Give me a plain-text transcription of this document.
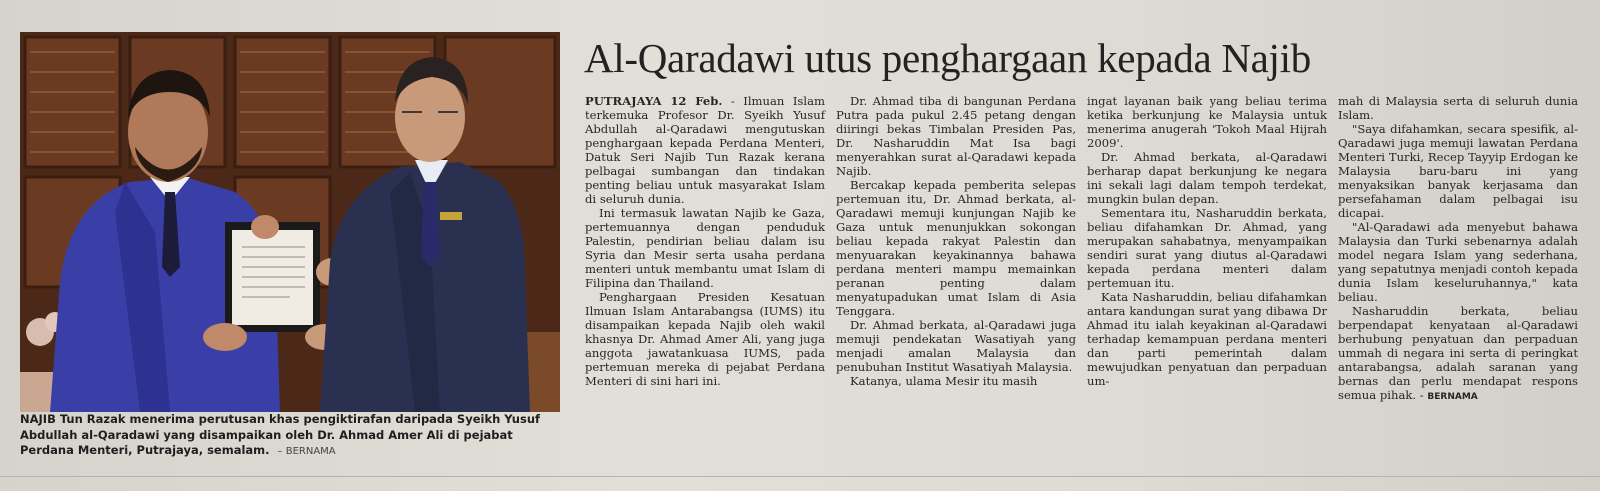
NAJIB Tun Razak menerima perutusan khas pengiktirafan daripada Syeikh Yusuf Abdullah al-Qaradawi yang disampaikan oleh Dr. Ahmad Amer Ali di pejabat Perdana Menteri, Putrajaya, semalam. – BERNAMA
Al-Qaradawi utus penghargaan kepada Najib

PUTRAJAYA 12 Feb. - Ilmuan Islam terkemuka Profesor Dr. Syeikh Yusuf Abdullah al-Qaradawi mengutuskan penghargaan kepada Perdana Menteri, Datuk Seri Najib Tun Razak kerana pelbagai sumbangan dan tindakan penting beliau untuk masyarakat Islam di seluruh dunia.

Ini termasuk lawatan Najib ke Gaza, pertemuannya dengan penduduk Palestin, pendirian beliau dalam isu Syria dan Mesir serta usaha perdana menteri untuk membantu umat Islam di Filipina dan Thailand.

Penghargaan Presiden Kesatuan Ilmuan Islam Antarabangsa (IUMS) itu disampaikan kepada Najib oleh wakil khasnya Dr. Ahmad Amer Ali, yang juga anggota jawatankuasa IUMS, pada pertemuan mereka di pejabat Perdana Menteri di sini hari ini.

Dr. Ahmad tiba di bangunan Perdana Putra pada pukul 2.45 petang dengan diiringi bekas Timbalan Presiden Pas, Dr. Nasharuddin Mat Isa bagi menyerahkan surat al-Qaradawi kepada Najib.

Bercakap kepada pemberita selepas pertemuan itu, Dr. Ahmad berkata, al-Qaradawi memuji kunjungan Najib ke Gaza untuk menunjukkan sokongan beliau kepada rakyat Palestin dan menyuarakan keyakinannya bahawa perdana menteri mampu memainkan peranan penting dalam menyatupadukan umat Islam di Asia Tenggara.

Dr. Ahmad berkata, al-Qaradawi juga memuji pendekatan Wasatiyah yang menjadi amalan Malaysia dan penubuhan Institut Wasatiyah Malaysia.

Katanya, ulama Mesir itu masih

ingat layanan baik yang beliau terima ketika berkunjung ke Malaysia untuk menerima anugerah 'Tokoh Maal Hijrah 2009'.

Dr. Ahmad berkata, al-Qaradawi berharap dapat berkunjung ke negara ini sekali lagi dalam tempoh terdekat, mungkin bulan depan.

Sementara itu, Nasharuddin berkata, beliau difahamkan Dr. Ahmad, yang merupakan sahabatnya, menyampaikan sendiri surat yang diutus al-Qaradawi kepada perdana menteri dalam pertemuan itu.

Kata Nasharuddin, beliau difahamkan antara kandungan surat yang dibawa Dr Ahmad itu ialah keyakinan al-Qaradawi terhadap kemampuan perdana menteri dan parti pemerintah dalam mewujudkan penyatuan dan perpaduan um-

mah di Malaysia serta di seluruh dunia Islam.

"Saya difahamkan, secara spesifik, al-Qaradawi juga memuji lawatan Perdana Menteri Turki, Recep Tayyip Erdogan ke Malaysia baru-baru ini yang menyaksikan banyak kerjasama dan persefahaman dalam pelbagai isu dicapai.

"Al-Qaradawi ada menyebut bahawa Malaysia dan Turki sebenarnya adalah model negara Islam yang sederhana, yang sepatutnya menjadi contoh kepada dunia Islam keseluruhannya," kata beliau.

Nasharuddin berkata, beliau berpendapat kenyataan al-Qaradawi berhubung penyatuan dan perpaduan ummah di negara ini serta di peringkat antarabangsa, adalah saranan yang bernas dan perlu mendapat respons semua pihak. - BERNAMA
